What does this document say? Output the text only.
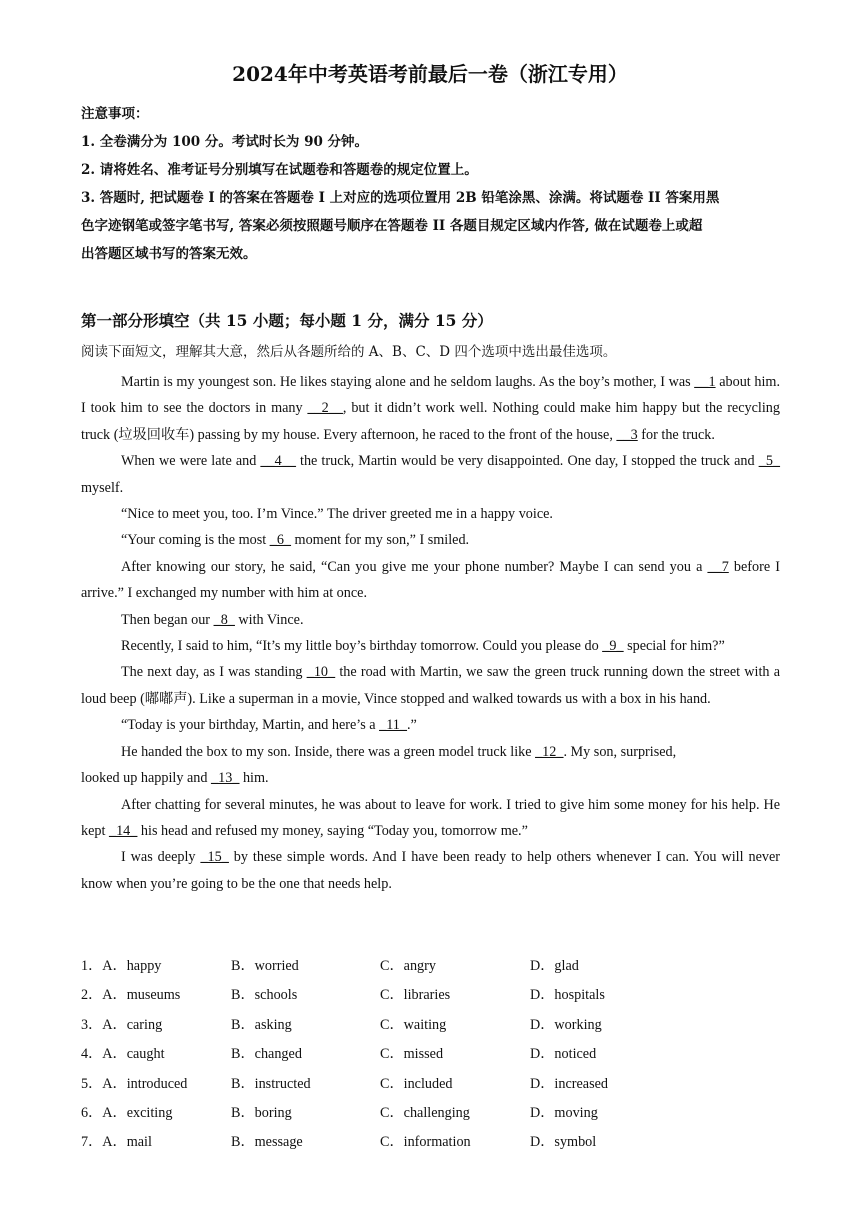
2024年中考英语考前最后一卷（浙江专用）
注意事项：
1. 全卷满分为 100 分。考试时长为 90 分钟。
2. 请将姓名、准考证号分别填写在试题卷和答题卷的规定位置上。
3. 答题时, 把试题卷 I 的答案在答题卷 I 上对应的选项位置用 2B 铅笔涂黑、涂满。将试题卷 II 答案用黑
色字迹钢笔或签字笔书写, 答案必须按照题号顺序在答题卷 II 各题目规定区域内作答, 做在试题卷上或超
出答题区域书写的答案无效。
第一部分形填空（共 15 小题；每小题 1 分，满分 15 分）
阅读下面短文，理解其大意，然后从各题所给的 A、B、C、D 四个选项中选出最佳选项。

Martin is my youngest son. He likes staying alone and he seldom laughs. As the boy’s mother, I was __1 about him. I took him to see the doctors in many __2__, but it didn’t work well. Nothing could make him happy but the recycling truck (垃圾回收车) passing by my house. Every afternoon, he raced to the front of the house, __3 for the truck.

When we were late and __4__ the truck, Martin would be very disappointed. One day, I stopped the truck and _5_ myself.

“Nice to meet you, too. I’m Vince.” The driver greeted me in a happy voice.

“Your coming is the most _6_ moment for my son,” I smiled.

After knowing our story, he said, “Can you give me your phone number? Maybe I can send you a __7 before I arrive.” I exchanged my number with him at once.

Then began our _8_ with Vince.

Recently, I said to him, “It’s my little boy’s birthday tomorrow. Could you please do _9_ special for him?”

The next day, as I was standing _10_ the road with Martin, we saw the green truck running down the street with a loud beep (嘟嘟声). Like a superman in a movie, Vince stopped and walked towards us with a box in his hand.

“Today is your birthday, Martin, and here’s a _11_.”

He handed the box to my son. Inside, there was a green model truck like _12_. My son, surprised,

looked up happily and _13_ him.

After chatting for several minutes, he was about to leave for work. I tried to give him some money for his help. He kept _14_ his head and refused my money, saying “Today you, tomorrow me.”

I was deeply _15_ by these simple words. And I have been ready to help others whenever I can. You will never know when you’re going to be the one that needs help.

1．A．happy	B．worried	C．angry	D．glad
2．A．museums	B．schools	C．libraries	D．hospitals
3．A．caring	B．asking	C．waiting	D．working
4．A．caught	B．changed	C．missed	D．noticed
5．A．introduced	B．instructed	C．included	D．increased
6．A．exciting	B．boring	C．challenging	D．moving
7．A．mail	B．message	C．information	D．symbol
